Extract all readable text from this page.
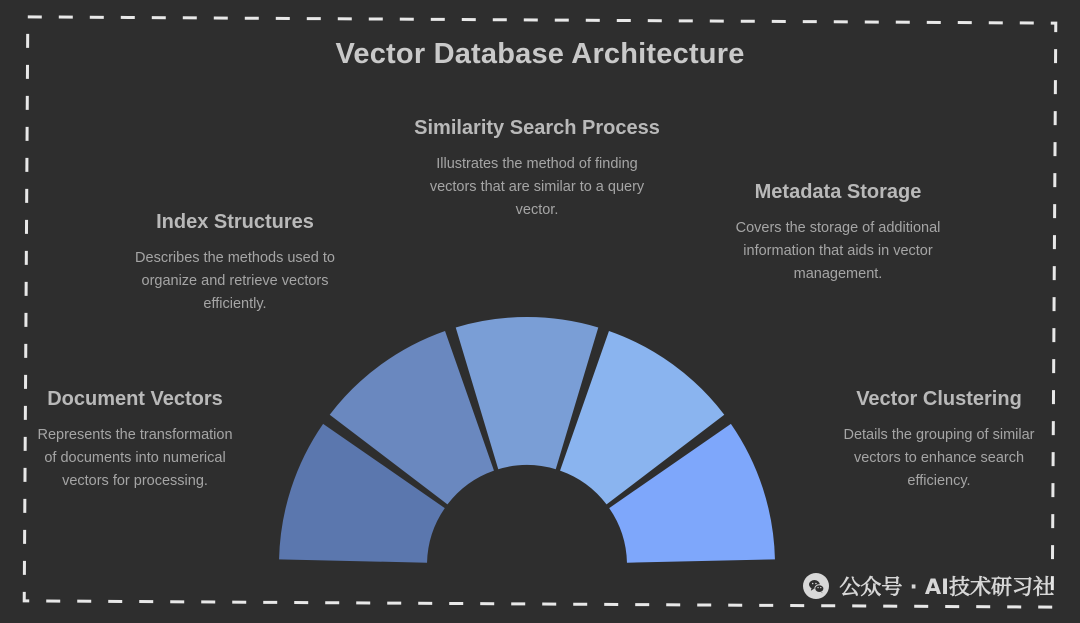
Vector Database Architecture
Document Vectors
Represents the transformation of documents into numerical vectors for processing.
Index Structures
Describes the methods used to organize and retrieve vectors efficiently.
Similarity Search Process
Illustrates the method of finding vectors that are similar to a query vector.
Metadata Storage
Covers the storage of additional information that aids in vector management.
Vector Clustering
Details the grouping of similar vectors to enhance search efficiency.
公众号 · AI技术研习社
